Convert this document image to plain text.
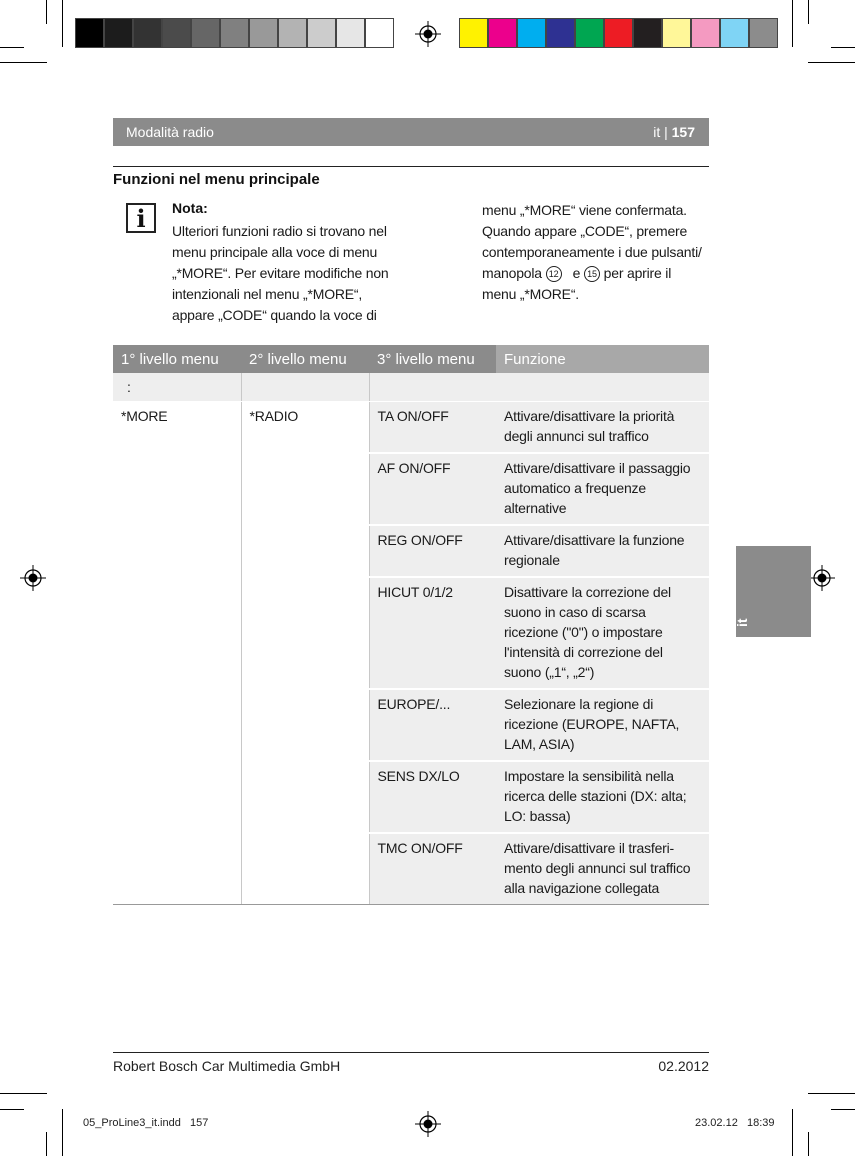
Modalità radio	it | 157
Funzioni nel menu principale
i	Nota:
Ulteriori funzioni radio si trovano nel
menu principale alla voce di menu
„*MORE“. Per evitare modifiche non
intenzionali nel menu „*MORE“,
appare „CODE“ quando la voce di
menu „*MORE“ viene confermata.
Quando appare „CODE“, premere
contemporaneamente i due pulsanti/
manopola 12 e 15 per aprire il
menu „*MORE“.
1° livello menu	2° livello menu	3° livello menu	Funzione
:			

*MORE	*RADIO	TA ON/OFF	Attivare/disattivare la priorità
degli annunci sul traffico

		AF ON/OFF	Attivare/disattivare il passaggio
automatico a frequenze
alternative

		REG ON/OFF	Attivare/disattivare la funzione
regionale

		HICUT 0/1/2	Disattivare la correzione del
suono in caso di scarsa
ricezione ("0") o impostare
l'intensità di correzione del
suono („1“, „2“)

		EUROPE/...	Selezionare la regione di
ricezione (EUROPE, NAFTA,
LAM, ASIA)

		SENS DX/LO	Impostare la sensibilità nella
ricerca delle stazioni (DX: alta;
LO: bassa)

		TMC ON/OFF	Attivare/disattivare il trasferi-
mento degli annunci sul traffico
alla navigazione collegata
it
Robert Bosch Car Multimedia GmbH	02.2012
05_ProLine3_it.indd   157	23.02.12   18:39
